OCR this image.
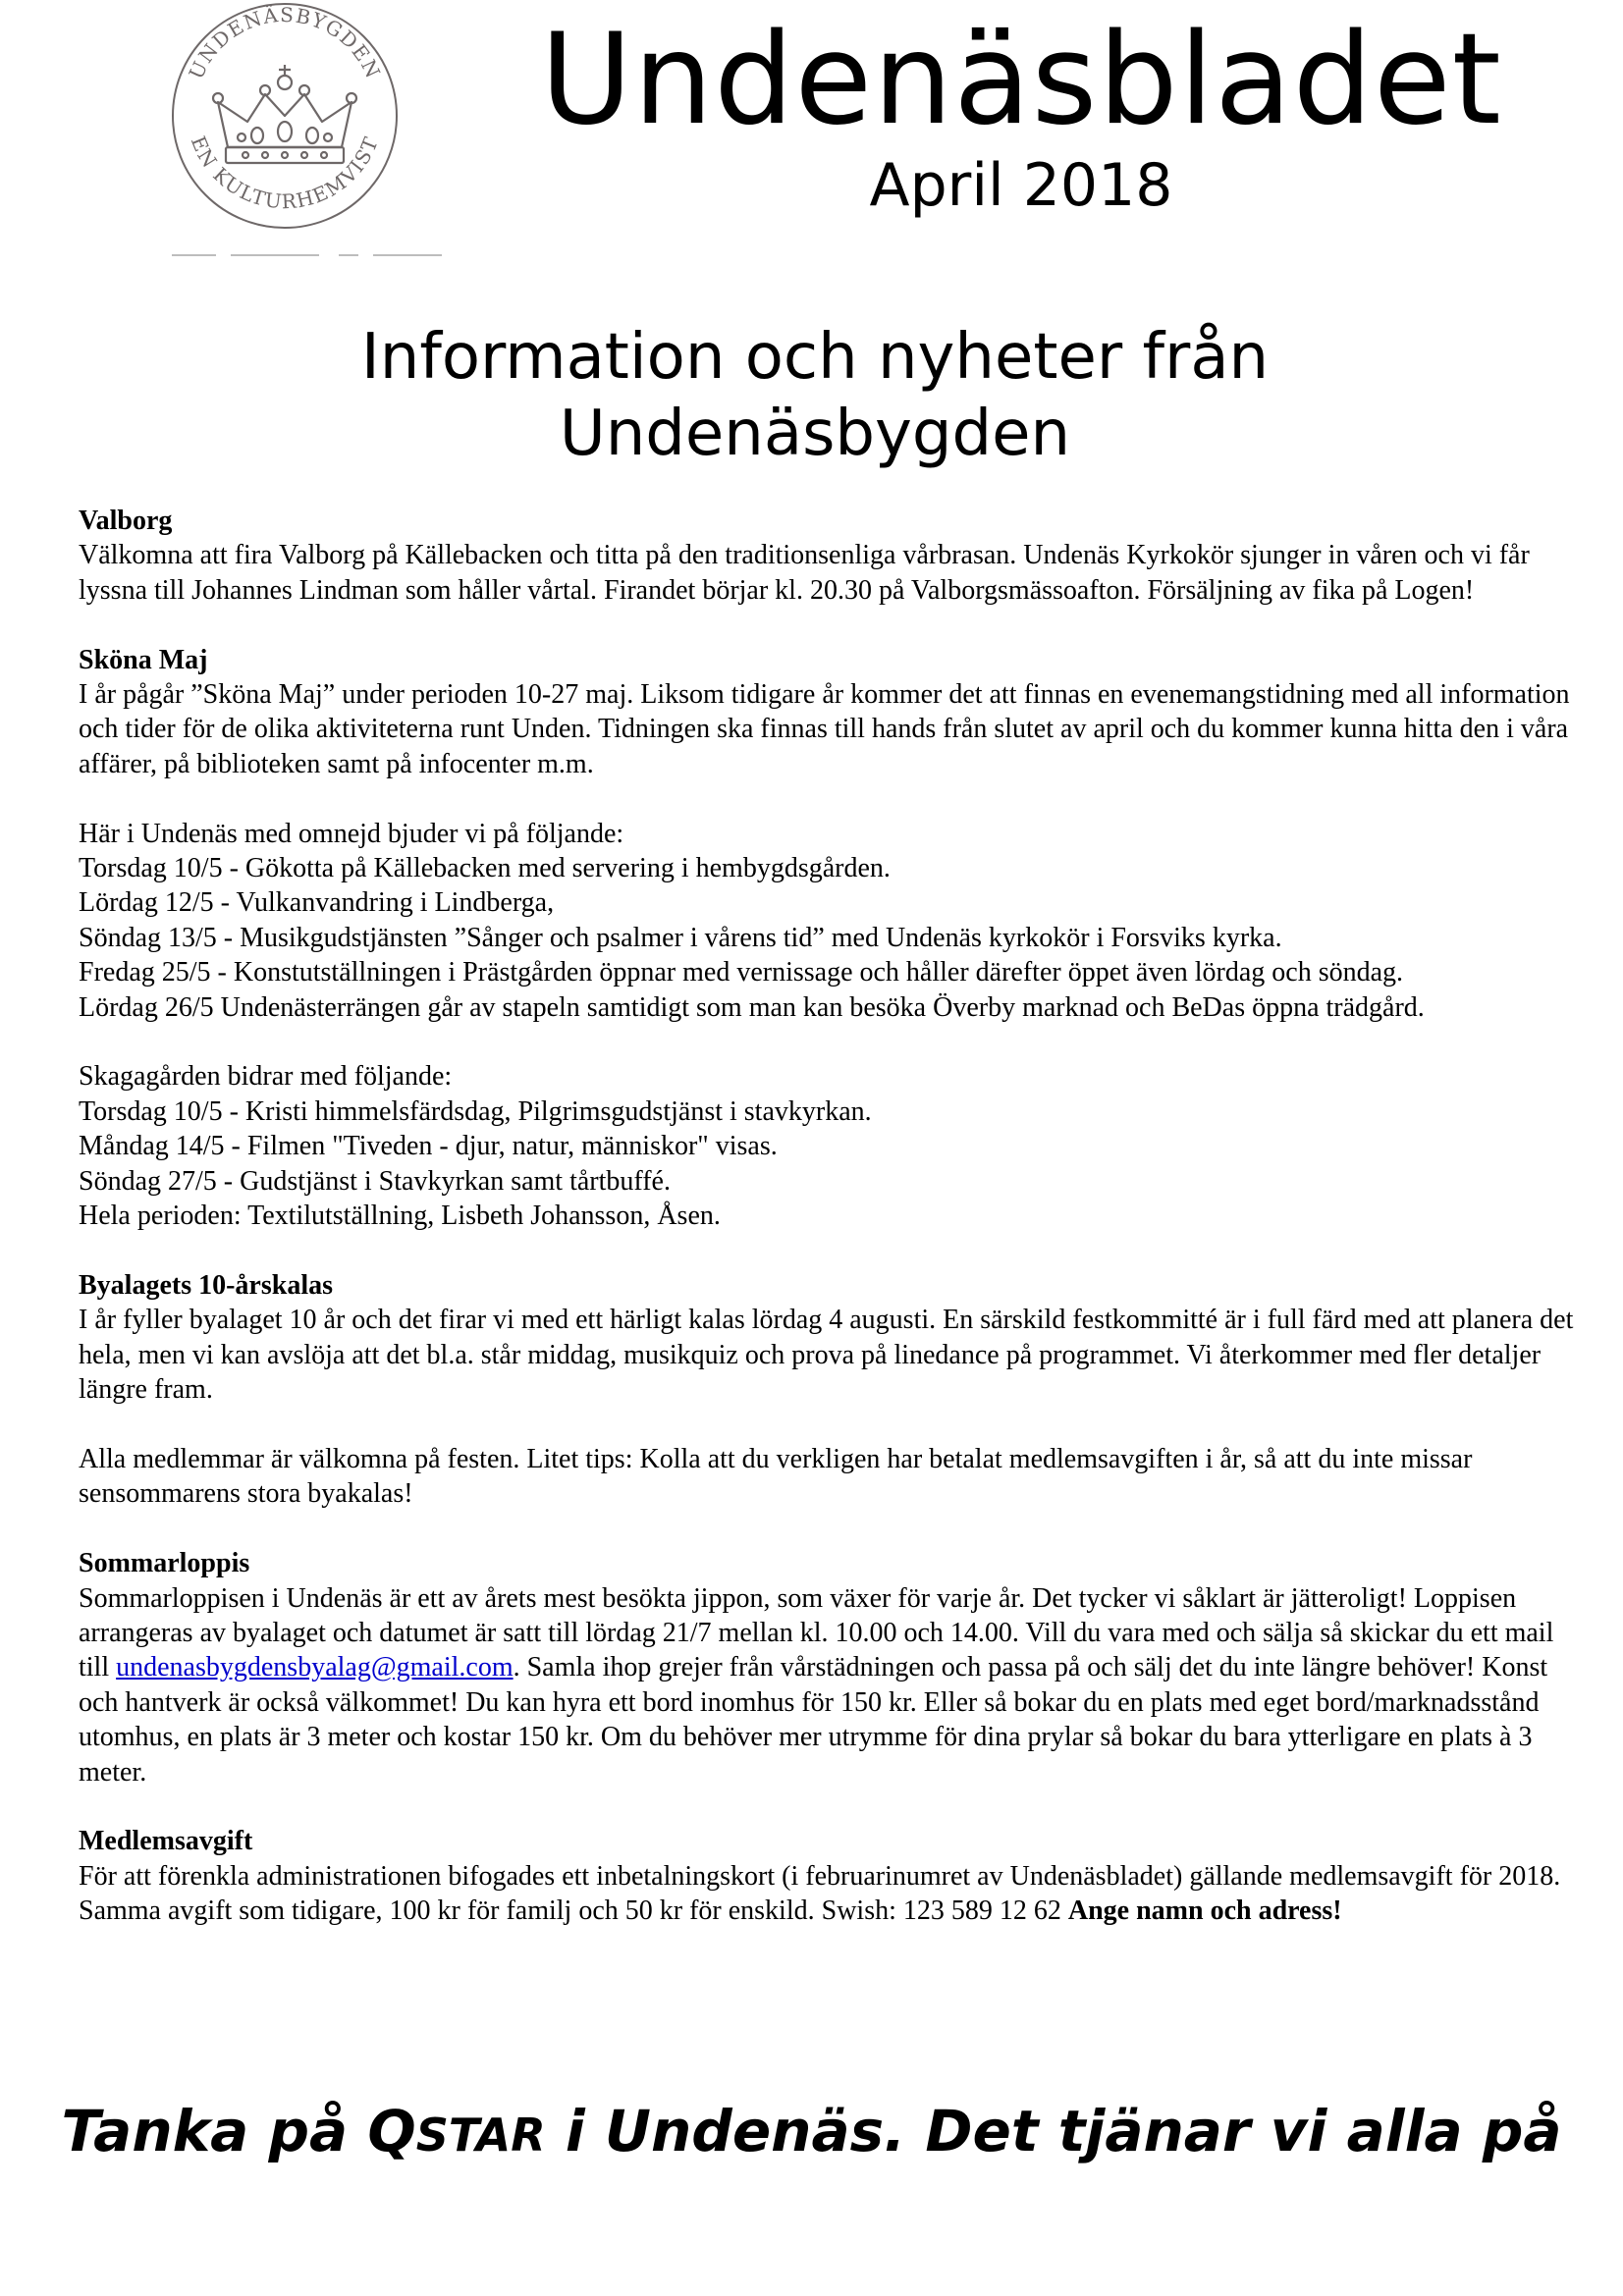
UNDENÄSBYGDEN
EN KULTURHEMVIST	Undenäsbladet
April 2018
Information och nyheter från
Undenäsbygden

Valborg

Välkomna att fira Valborg på Källebacken och titta på den traditionsenliga vårbrasan. Undenäs Kyrkokör sjunger in våren och vi får lyssna till Johannes Lindman som håller vårtal. Firandet börjar kl. 20.30 på Valborgsmässoafton. Försäljning av fika på Logen!

Sköna Maj

I år pågår ”Sköna Maj” under perioden 10-27 maj. Liksom tidigare år kommer det att finnas en evenemangstidning med all information och tider för de olika aktiviteterna runt Unden. Tidningen ska finnas till hands från slutet av april och du kommer kunna hitta den i våra affärer, på biblioteken samt på infocenter m.m.

Här i Undenäs med omnejd bjuder vi på följande:

Torsdag 10/5 - Gökotta på Källebacken med servering i hembygdsgården.

Lördag 12/5 - Vulkanvandring i Lindberga,

Söndag 13/5 - Musikgudstjänsten ”Sånger och psalmer i vårens tid” med Undenäs kyrkokör i Forsviks kyrka.

Fredag 25/5 - Konstutställningen i Prästgården öppnar med vernissage och håller därefter öppet även lördag och söndag.

Lördag 26/5 Undenästerrängen går av stapeln samtidigt som man kan besöka Överby marknad och BeDas öppna trädgård.

Skagagården bidrar med följande:

Torsdag 10/5 - Kristi himmelsfärdsdag, Pilgrimsgudstjänst i stavkyrkan.

Måndag 14/5 - Filmen "Tiveden - djur, natur, människor" visas.

Söndag 27/5 - Gudstjänst i Stavkyrkan samt tårtbuffé.

Hela perioden: Textilutställning, Lisbeth Johansson, Åsen.

Byalagets 10-årskalas

I år fyller byalaget 10 år och det firar vi med ett härligt kalas lördag 4 augusti. En särskild festkommitté är i full färd med att planera det hela, men vi kan avslöja att det bl.a. står middag, musikquiz och prova på linedance på programmet. Vi återkommer med fler detaljer längre fram.

Alla medlemmar är välkomna på festen. Litet tips: Kolla att du verkligen har betalat medlemsavgiften i år, så att du inte missar sensommarens stora byakalas!

Sommarloppis

Sommarloppisen i Undenäs är ett av årets mest besökta jippon, som växer för varje år. Det tycker vi såklart är jätteroligt! Loppisen arrangeras av byalaget och datumet är satt till lördag 21/7 mellan kl. 10.00 och 14.00. Vill du vara med och sälja så skickar du ett mail till undenasbygdensbyalag@gmail.com. Samla ihop grejer från vårstädningen och passa på och sälj det du inte längre behöver! Konst och hantverk är också välkommet! Du kan hyra ett bord inomhus för 150 kr. Eller så bokar du en plats med eget bord/marknadsstånd utomhus, en plats är 3 meter och kostar 150 kr. Om du behöver mer utrymme för dina prylar så bokar du bara ytterligare en plats à 3 meter.

Medlemsavgift

För att förenkla administrationen bifogades ett inbetalningskort (i februarinumret av Undenäsbladet) gällande medlemsavgift för 2018. Samma avgift som tidigare, 100 kr för familj och 50 kr för enskild. Swish: 123 589 12 62 Ange namn och adress!

Tanka på QSTAR i Undenäs. Det tjänar vi alla på
